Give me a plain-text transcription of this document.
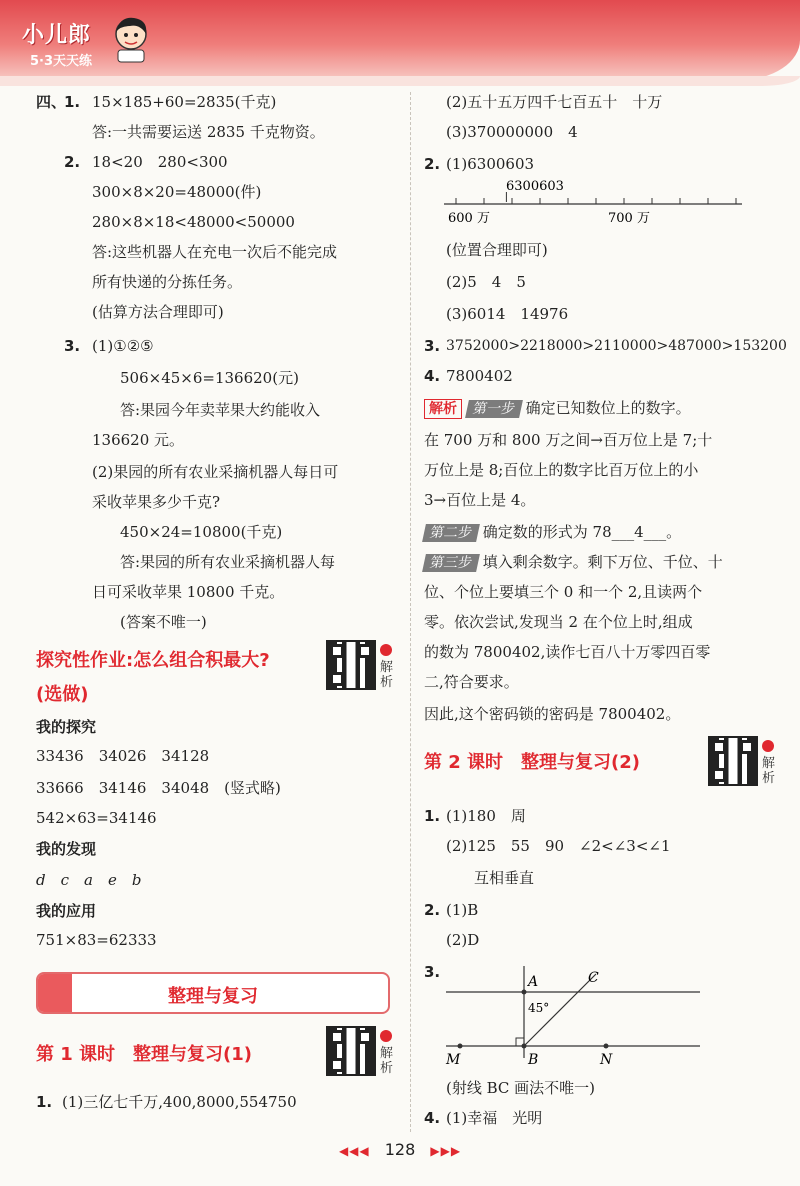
小儿郎
5·3天天练
四、
1. 15×185+60=2835(千克)
答:一共需要运送 2835 千克物资。
2. 18<20　280<300
300×8×20=48000(件)
280×8×18<48000<50000
答:这些机器人在充电一次后不能完成
所有快递的分拣任务。
(估算方法合理即可)
3. (1)①②⑤
506×45×6=136620(元)
答:果园今年卖苹果大约能收入
136620 元。
(2)果园的所有农业采摘机器人每日可
采收苹果多少千克?
450×24=10800(千克)
答:果园的所有农业采摘机器人每
日可采收苹果 10800 千克。
(答案不唯一)
探究性作业:怎么组合积最大?
(选做)
解析
我的探究
33436　34026　34128
33666　34146　34048　(竖式略)
542×63=34146
我的发现
d　c　a　e　b
我的应用
751×83=62333
整理与复习
第 1 课时　整理与复习(1)	解析
1. (1)三亿七千万,400,8000,554750
(2)五十五万四千七百五十　十万
(3)370000000　4
2. (1)6300603
6300603
600 万	700 万
(位置合理即可)
(2)5　4　5
(3)6014　14976
3. 3752000>2218000>2110000>487000>153200
4. 7800402
解析 第一步 确定已知数位上的数字。
在 700 万和 800 万之间→百万位上是 7;十
万位上是 8;百位上的数字比百万位上的小
3→百位上是 4。
第二步 确定数的形式为 78___4___。
第三步 填入剩余数字。剩下万位、千位、十
位、个位上要填三个 0 和一个 2,且读两个
零。依次尝试,发现当 2 在个位上时,组成
的数为 7800402,读作七百八十万零四百零
二,符合要求。
因此,这个密码锁的密码是 7800402。
第 2 课时　整理与复习(2)	解析
1. (1)180　周
(2)125　55　90　∠2<∠3<∠1
互相垂直
2. (1)B
(2)D
3.
A
B
C
M	N
45°
(射线 BC 画法不唯一)
4. (1)幸福　光明
◀◀◀ 128 ▶▶▶
